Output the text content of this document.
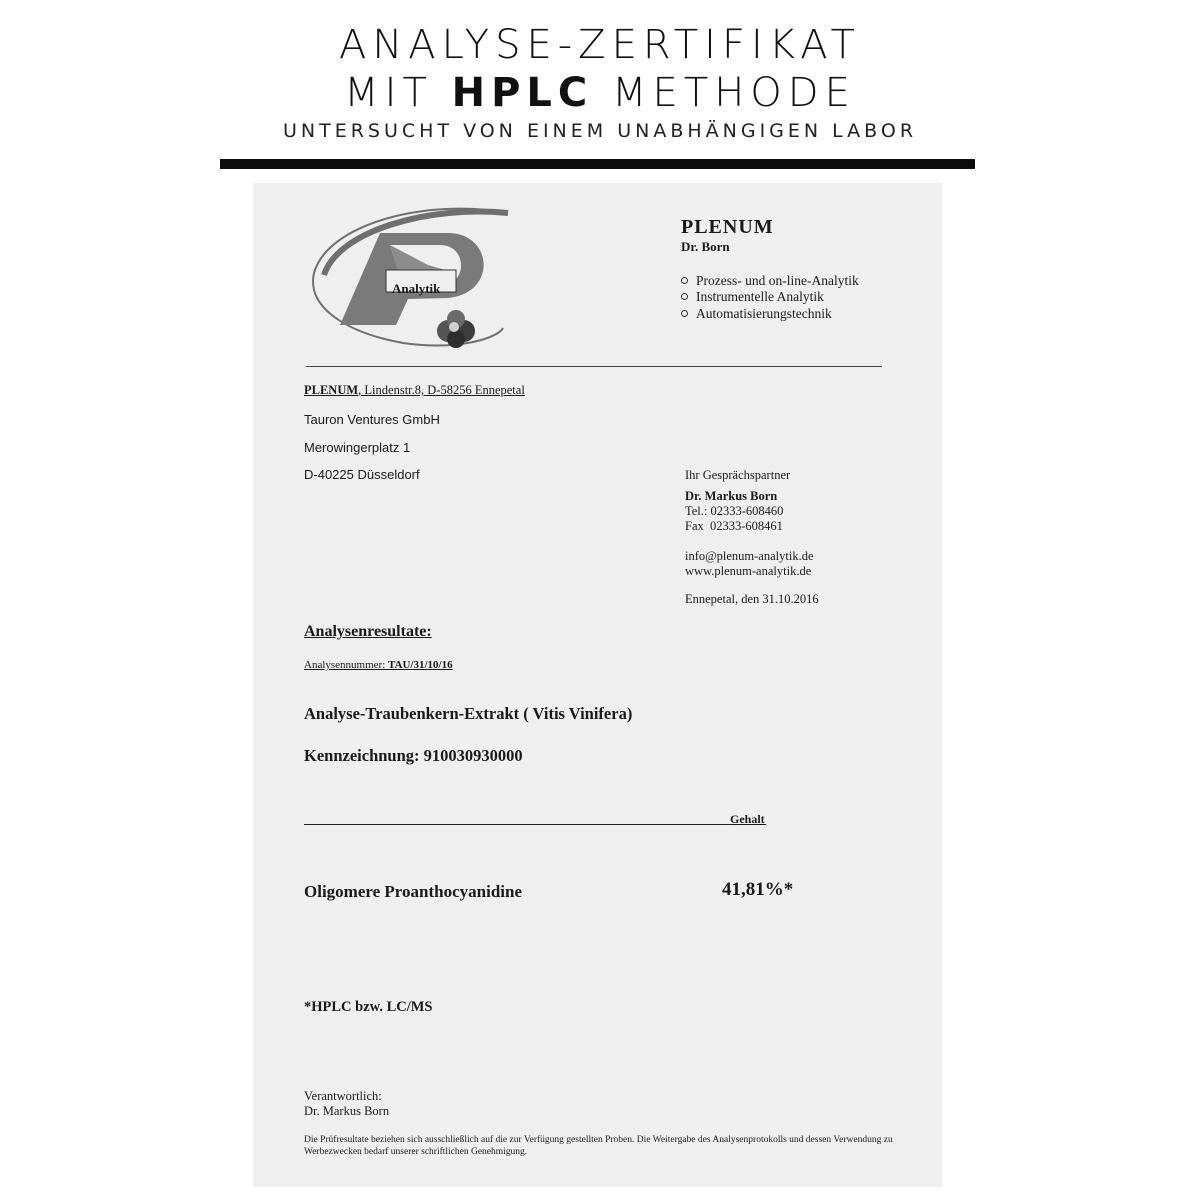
ANALYSE-ZERTIFIKAT
MIT HPLC METHODE
UNTERSUCHT VON EINEM UNABHÄNGIGEN LABOR
Analytik
PLENUM
Dr. Born
Prozess- und on-line-Analytik
Instrumentelle Analytik
Automatisierungstechnik
PLENUM, Lindenstr.8, D-58256 Ennepetal
Tauron Ventures GmbH
Merowingerplatz 1
D-40225 Düsseldorf	Ihr Gesprächspartner
Dr. Markus Born
Tel.: 02333-608460
Fax  02333-608461
info@plenum-analytik.de
www.plenum-analytik.de
Ennepetal, den 31.10.2016
Analysenresultate:
Analysennummer: TAU/31/10/16
Analyse-Traubenkern-Extrakt ( Vitis Vinifera)
Kennzeichnung: 910030930000
Gehalt
Oligomere Proanthocyanidine	41,81%*
*HPLC bzw. LC/MS
Verantwortlich:
Dr. Markus Born
Die Prüfresultate beziehen sich ausschließlich auf die zur Verfügung gestellten Proben. Die Weitergabe des Analysenprotokolls und dessen Verwendung zu Werbezwecken bedarf unserer schriftlichen Genehmigung.
